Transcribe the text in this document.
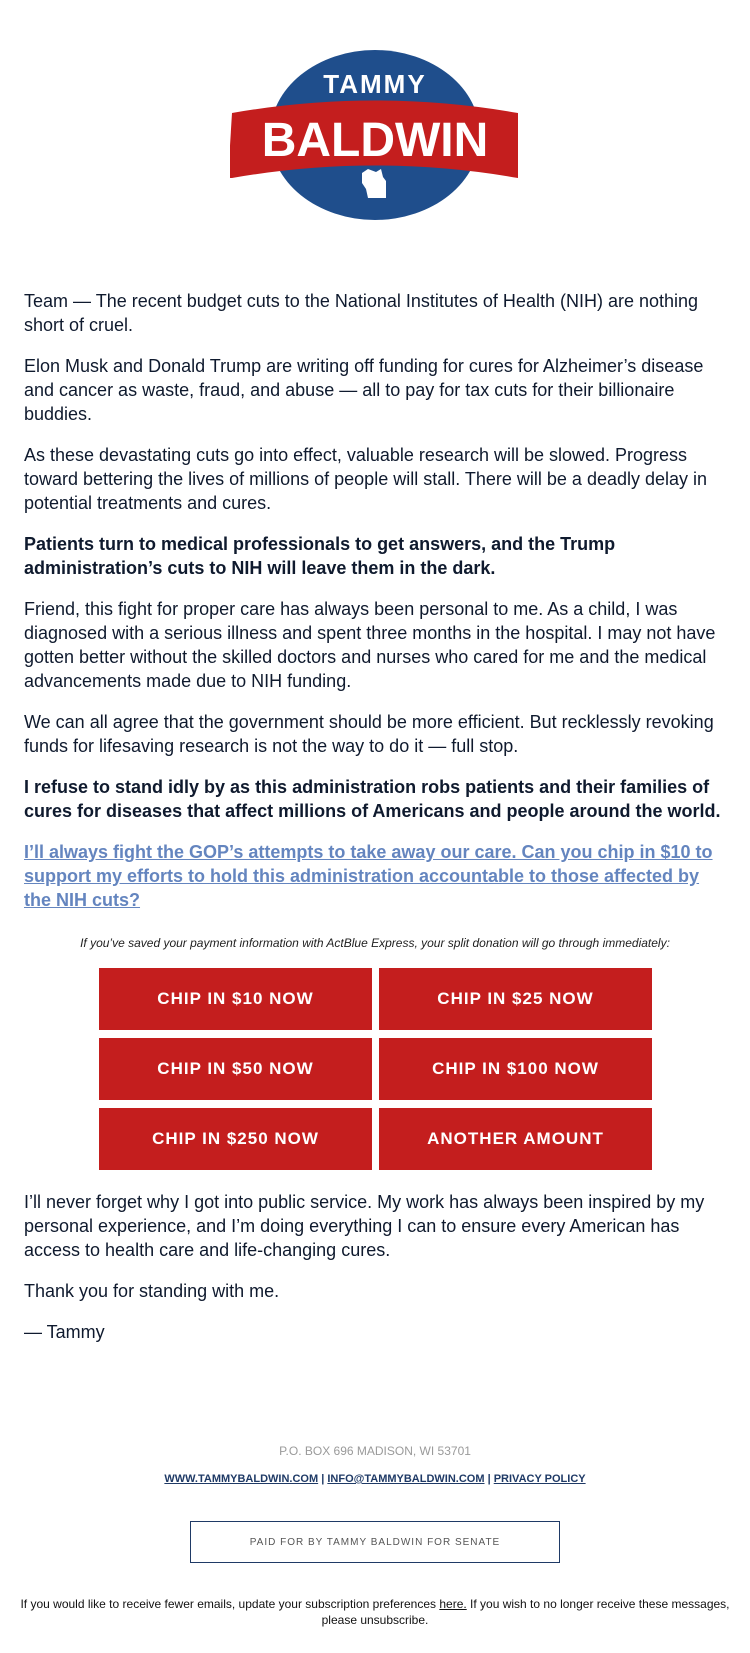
TAMMY
BALDWIN

Team — The recent budget cuts to the National Institutes of Health (NIH) are nothing short of cruel.

Elon Musk and Donald Trump are writing off funding for cures for Alzheimer’s disease and cancer as waste, fraud, and abuse — all to pay for tax cuts for their billionaire buddies.

As these devastating cuts go into effect, valuable research will be slowed. Progress toward bettering the lives of millions of people will stall. There will be a deadly delay in potential treatments and cures.

Patients turn to medical professionals to get answers, and the Trump administration’s cuts to NIH will leave them in the dark.

Friend, this fight for proper care has always been personal to me. As a child, I was diagnosed with a serious illness and spent three months in the hospital. I may not have gotten better without the skilled doctors and nurses who cared for me and the medical advancements made due to NIH funding.

We can all agree that the government should be more efficient. But recklessly revoking funds for lifesaving research is not the way to do it — full stop.

I refuse to stand idly by as this administration robs patients and their families of cures for diseases that affect millions of Americans and people around the world.

I’ll always fight the GOP’s attempts to take away our care. Can you chip in $10 to support my efforts to hold this administration accountable to those affected by the NIH cuts?
If you’ve saved your payment information with ActBlue Express, your split donation will go through immediately:
CHIP IN $10 NOW	CHIP IN $25 NOW
CHIP IN $50 NOW	CHIP IN $100 NOW
CHIP IN $250 NOW	ANOTHER AMOUNT

I’ll never forget why I got into public service. My work has always been inspired by my personal experience, and I’m doing everything I can to ensure every American has access to health care and life-changing cures.

Thank you for standing with me.

— Tammy

P.O. BOX 696 MADISON, WI 53701
WWW.TAMMYBALDWIN.COM | INFO@TAMMYBALDWIN.COM | PRIVACY POLICY
PAID FOR BY TAMMY BALDWIN FOR SENATE
If you would like to receive fewer emails, update your subscription preferences here. If you wish to no longer receive these messages, please unsubscribe.
